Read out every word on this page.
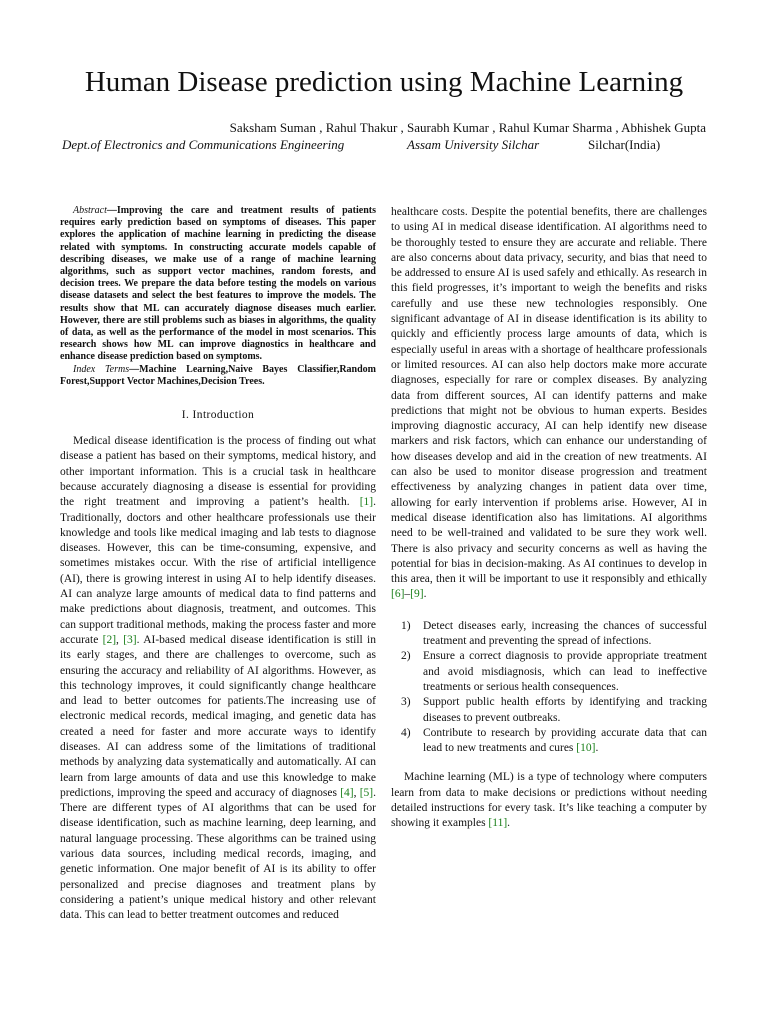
Human Disease prediction using Machine Learning
Saksham Suman , Rahul Thakur , Saurabh Kumar , Rahul Kumar Sharma , Abhishek Gupta
Dept.of Electronics and Communications Engineering	Assam University Silchar	Silchar(India)

Abstract—Improving the care and treatment results of patients requires early prediction based on symptoms of diseases. This paper explores the application of machine learning in predicting the disease related with symptoms. In constructing accurate models capable of describing diseases, we make use of a range of machine learning algorithms, such as support vector machines, random forests, and decision trees. We prepare the data before testing the models on various disease datasets and select the best features to improve the models. The results show that ML can accurately diagnose diseases much earlier. However, there are still problems such as biases in algorithms, the quality of data, as well as the performance of the model in most scenarios. This research shows how ML can improve diagnostics in healthcare and enhance disease prediction based on symptoms.

Index Terms—Machine Learning,Naive Bayes Classifier,Random Forest,Support Vector Machines,Decision Trees.

I. Introduction

Medical disease identification is the process of finding out what disease a patient has based on their symptoms, medical history, and other important information. This is a crucial task in healthcare because accurately diagnosing a disease is essential for providing the right treatment and improving a patient’s health. [1]. Traditionally, doctors and other healthcare professionals use their knowledge and tools like medical imaging and lab tests to diagnose diseases. However, this can be time-consuming, expensive, and sometimes mistakes occur. With the rise of artificial intelligence (AI), there is growing interest in using AI to help identify diseases. AI can analyze large amounts of medical data to find patterns and make predictions about diagnosis, treatment, and outcomes. This can support traditional methods, making the process faster and more accurate [2], [3]. AI-based medical disease identification is still in its early stages, and there are challenges to overcome, such as ensuring the accuracy and reliability of AI algorithms. However, as this technology improves, it could significantly change healthcare and lead to better outcomes for patients.The increasing use of electronic medical records, medical imaging, and genetic data has created a need for faster and more accurate ways to identify diseases. AI can address some of the limitations of traditional methods by analyzing data systematically and automatically. AI can learn from large amounts of data and use this knowledge to make predictions, improving the speed and accuracy of diagnoses [4], [5]. There are different types of AI algorithms that can be used for disease identification, such as machine learning, deep learning, and natural language processing. These algorithms can be trained using various data sources, including medical records, imaging, and genetic information. One major benefit of AI is its ability to offer personalized and precise diagnoses and treatment plans by considering a patient’s unique medical history and other relevant data. This can lead to better treatment outcomes and reduced

healthcare costs. Despite the potential benefits, there are challenges to using AI in medical disease identification. AI algorithms need to be thoroughly tested to ensure they are accurate and reliable. There are also concerns about data privacy, security, and bias that need to be addressed to ensure AI is used safely and ethically. As research in this field progresses, it’s important to weigh the benefits and risks carefully and use these new technologies responsibly. One significant advantage of AI in disease identification is its ability to quickly and efficiently process large amounts of data, which is especially useful in areas with a shortage of healthcare professionals or limited resources. AI can also help doctors make more accurate diagnoses, especially for rare or complex diseases. By analyzing data from different sources, AI can identify patterns and make predictions that might not be obvious to human experts. Besides improving diagnostic accuracy, AI can help identify new disease markers and risk factors, which can enhance our understanding of how diseases develop and aid in the creation of new treatments. AI can also be used to monitor disease progression and treatment effectiveness by analyzing changes in patient data over time, allowing for early intervention if problems arise. However, AI in medical disease identification also has limitations. AI algorithms need to be well-trained and validated to be sure they work well. There is also privacy and security concerns as well as having the potential for bias in decision-making. As AI continues to develop in this area, then it will be important to use it responsibly and ethically [6]–[9].

1) Detect diseases early, increasing the chances of successful treatment and preventing the spread of infections.
2) Ensure a correct diagnosis to provide appropriate treatment and avoid misdiagnosis, which can lead to ineffective treatments or serious health consequences.
3) Support public health efforts by identifying and tracking diseases to prevent outbreaks.
4) Contribute to research by providing accurate data that can lead to new treatments and cures [10].

Machine learning (ML) is a type of technology where computers learn from data to make decisions or predictions without needing detailed instructions for every task. It’s like teaching a computer by showing it examples [11].
